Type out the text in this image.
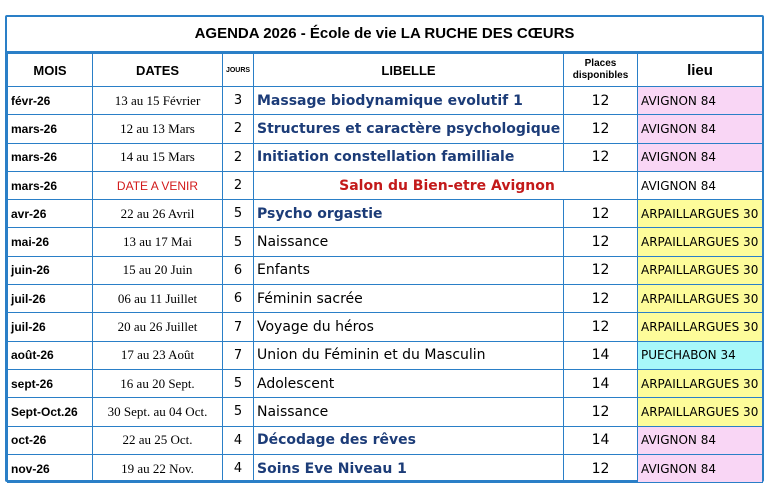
AGENDA 2026 - École de vie LA RUCHE DES CŒURS
MOIS	DATES	JOURS	LIBELLE	Places disponibles	lieu
févr-26	13 au 15 Février	3	Massage biodynamique evolutif 1	12	AVIGNON 84
mars-26	12 au 13 Mars	2	Structures et caractère psychologique	12	AVIGNON 84
mars-26	14 au 15 Mars	2	Initiation constellation familliale	12	AVIGNON 84
mars-26	DATE A VENIR	2	Salon du Bien-etre Avignon		AVIGNON 84
avr-26	22 au 26 Avril	5	Psycho orgastie	12	ARPAILLARGUES 30
mai-26	13 au 17 Mai	5	Naissance	12	ARPAILLARGUES 30
juin-26	15 au 20 Juin	6	Enfants	12	ARPAILLARGUES 30
juil-26	06 au 11 Juillet	6	Féminin sacrée	12	ARPAILLARGUES 30
juil-26	20 au 26 Juillet	7	Voyage du héros	12	ARPAILLARGUES 30
août-26	17 au 23 Août	7	Union du Féminin et du Masculin	14	PUECHABON 34
sept-26	16 au 20 Sept.	5	Adolescent	14	ARPAILLARGUES 30
Sept-Oct.26	30 Sept. au 04 Oct.	5	Naissance	12	ARPAILLARGUES 30
oct-26	22 au 25 Oct.	4	Décodage des rêves	14	AVIGNON 84
nov-26	19 au 22 Nov.	4	Soins Eve Niveau 1	12	AVIGNON 84
